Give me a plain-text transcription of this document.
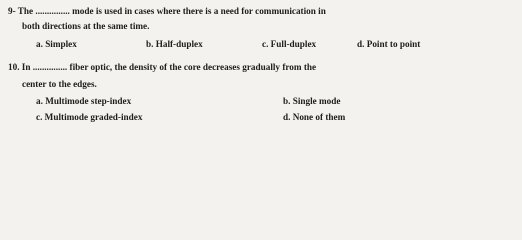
9- The ............... mode is used in cases where there is a need for communication in
both directions at the same time.
a. Simplex	b. Half-duplex	c. Full-duplex	d. Point to point
10. In ............... fiber optic, the density of the core decreases gradually from the
center to the edges.
a. Multimode step-index	b. Single mode
c. Multimode graded-index	d. None of them
